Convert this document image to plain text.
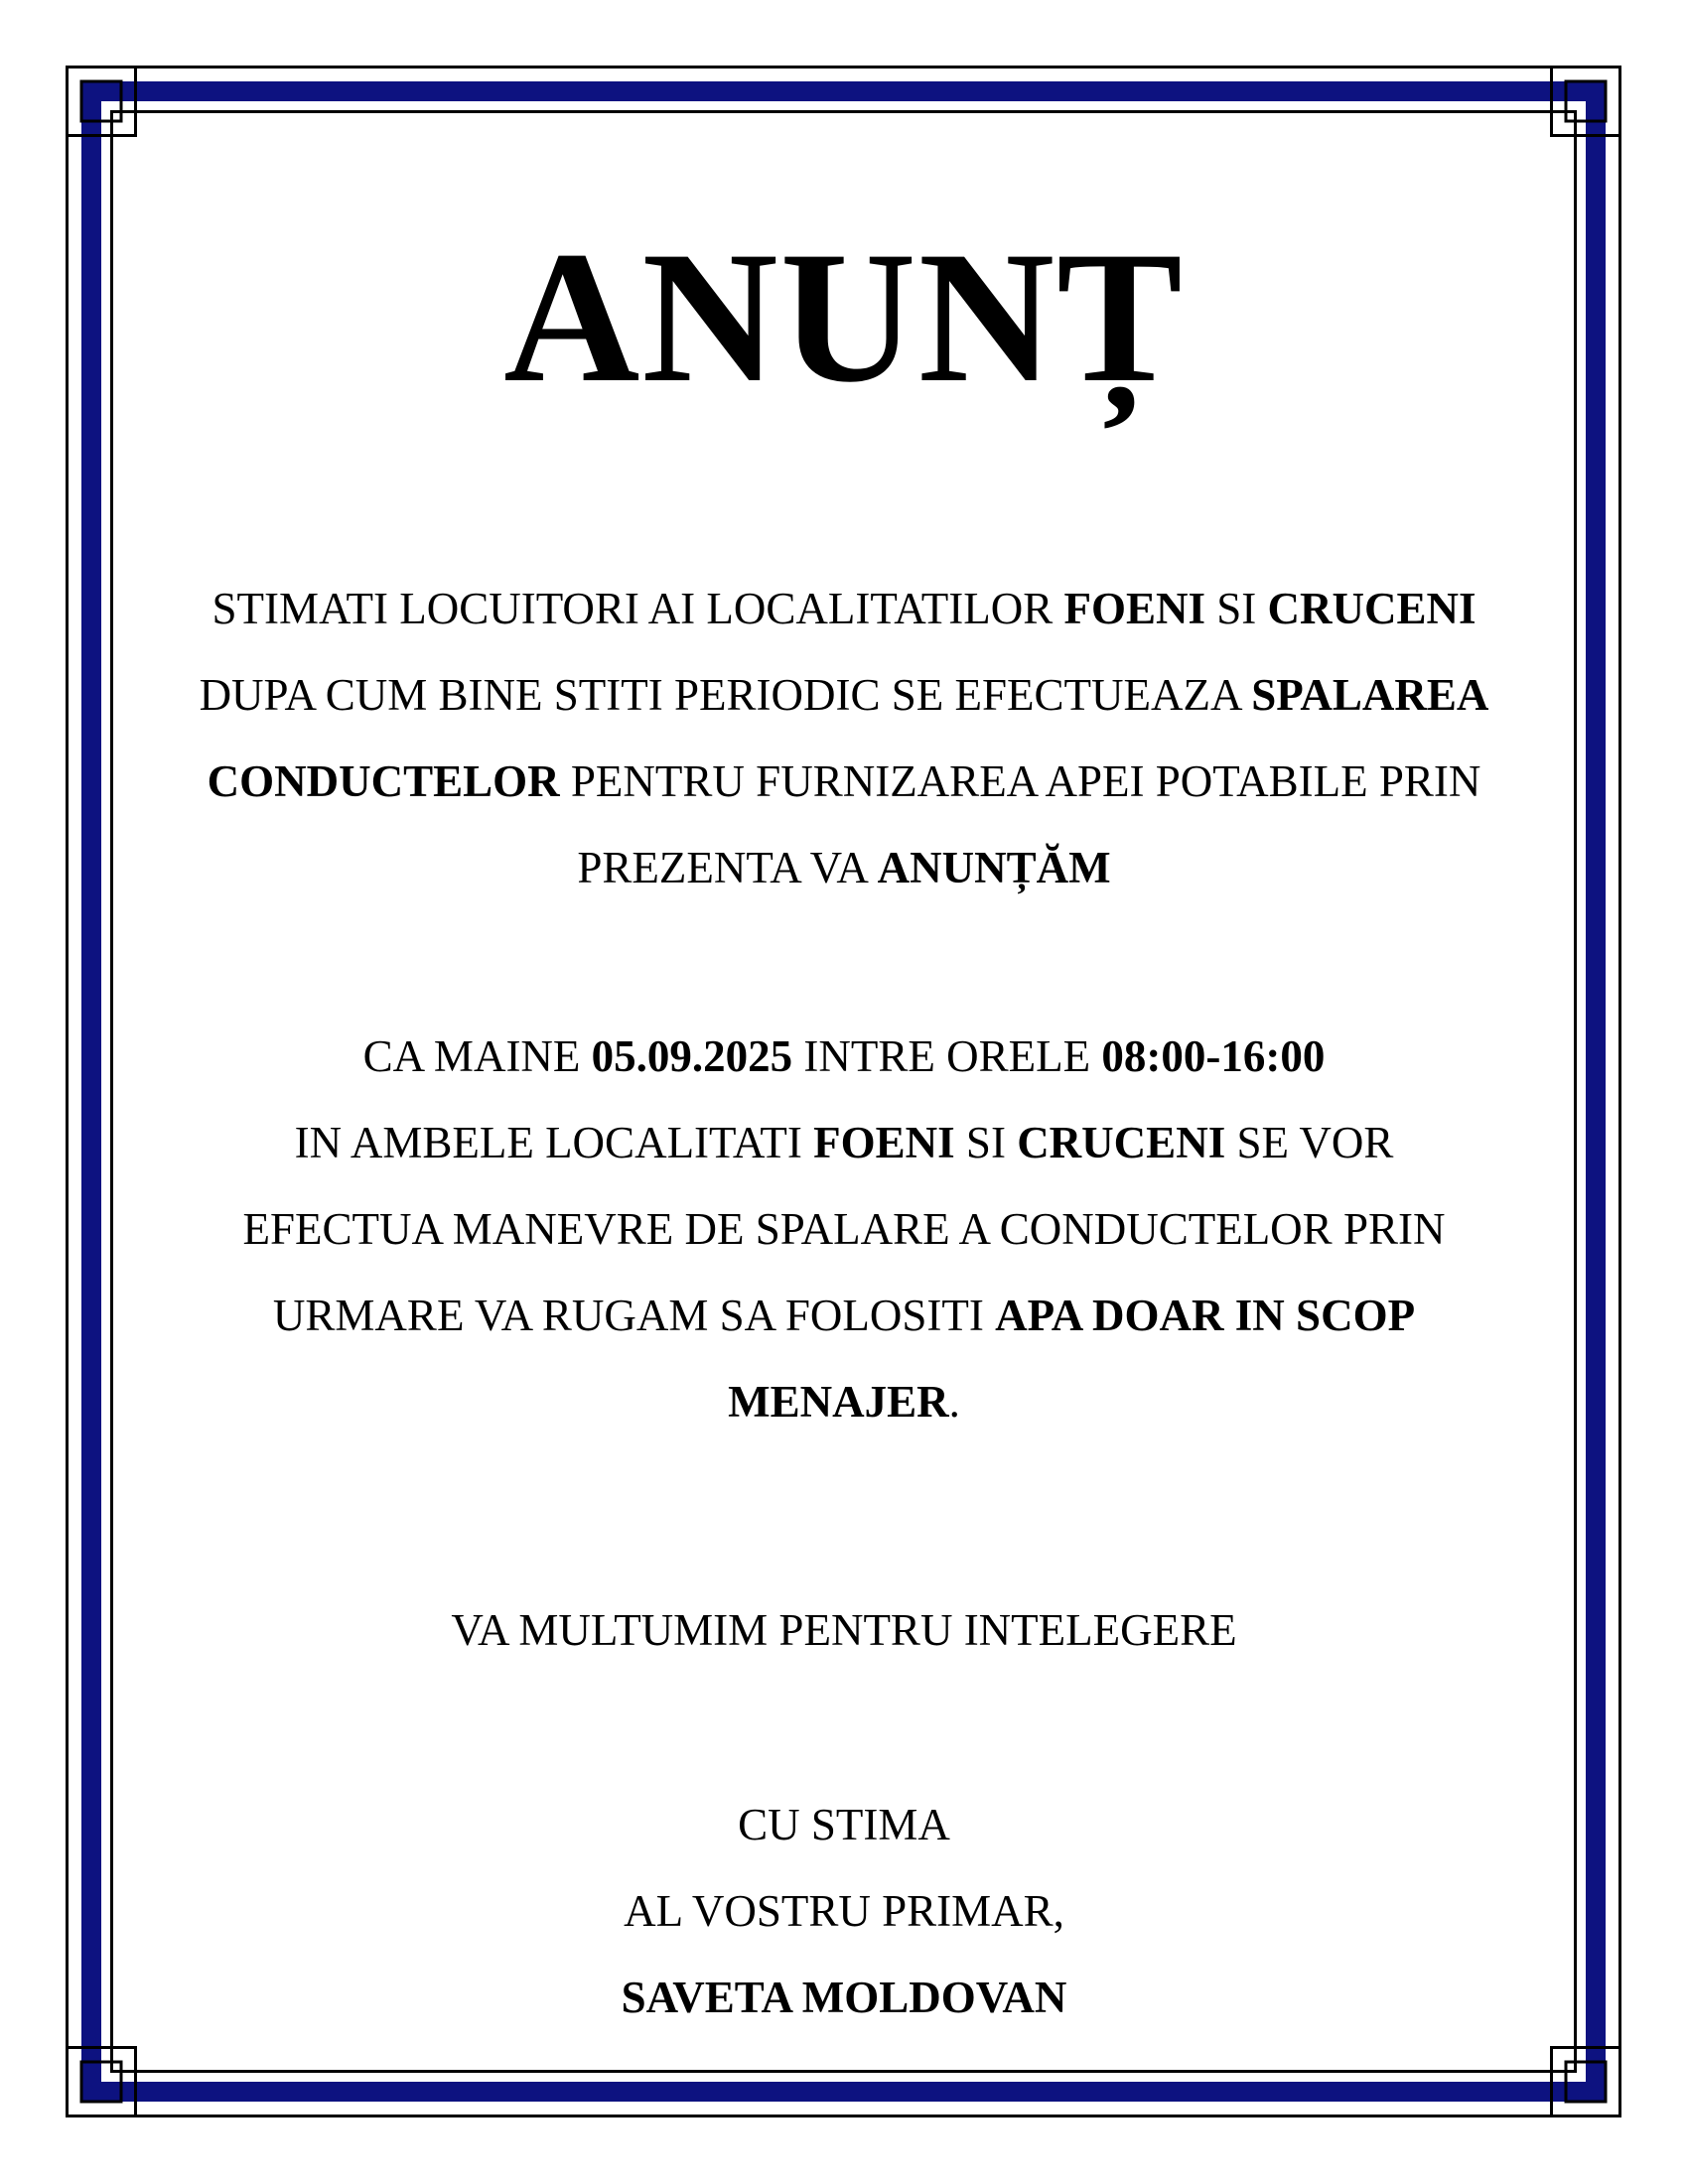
ANUNȚ
STIMATI LOCUITORI AI LOCALITATILOR FOENI SI CRUCENI DUPA CUM BINE STITI PERIODIC SE EFECTUEAZA SPALAREA CONDUCTELOR PENTRU FURNIZAREA APEI POTABILE PRIN PREZENTA VA ANUNȚĂM
CA MAINE 05.09.2025 INTRE ORELE 08:00-16:00
IN AMBELE LOCALITATI FOENI SI CRUCENI SE VOR EFECTUA MANEVRE DE SPALARE A CONDUCTELOR PRIN URMARE VA RUGAM SA FOLOSITI APA DOAR IN SCOP MENAJER.
VA MULTUMIM PENTRU INTELEGERE
CU STIMA
AL VOSTRU PRIMAR,
SAVETA MOLDOVAN
